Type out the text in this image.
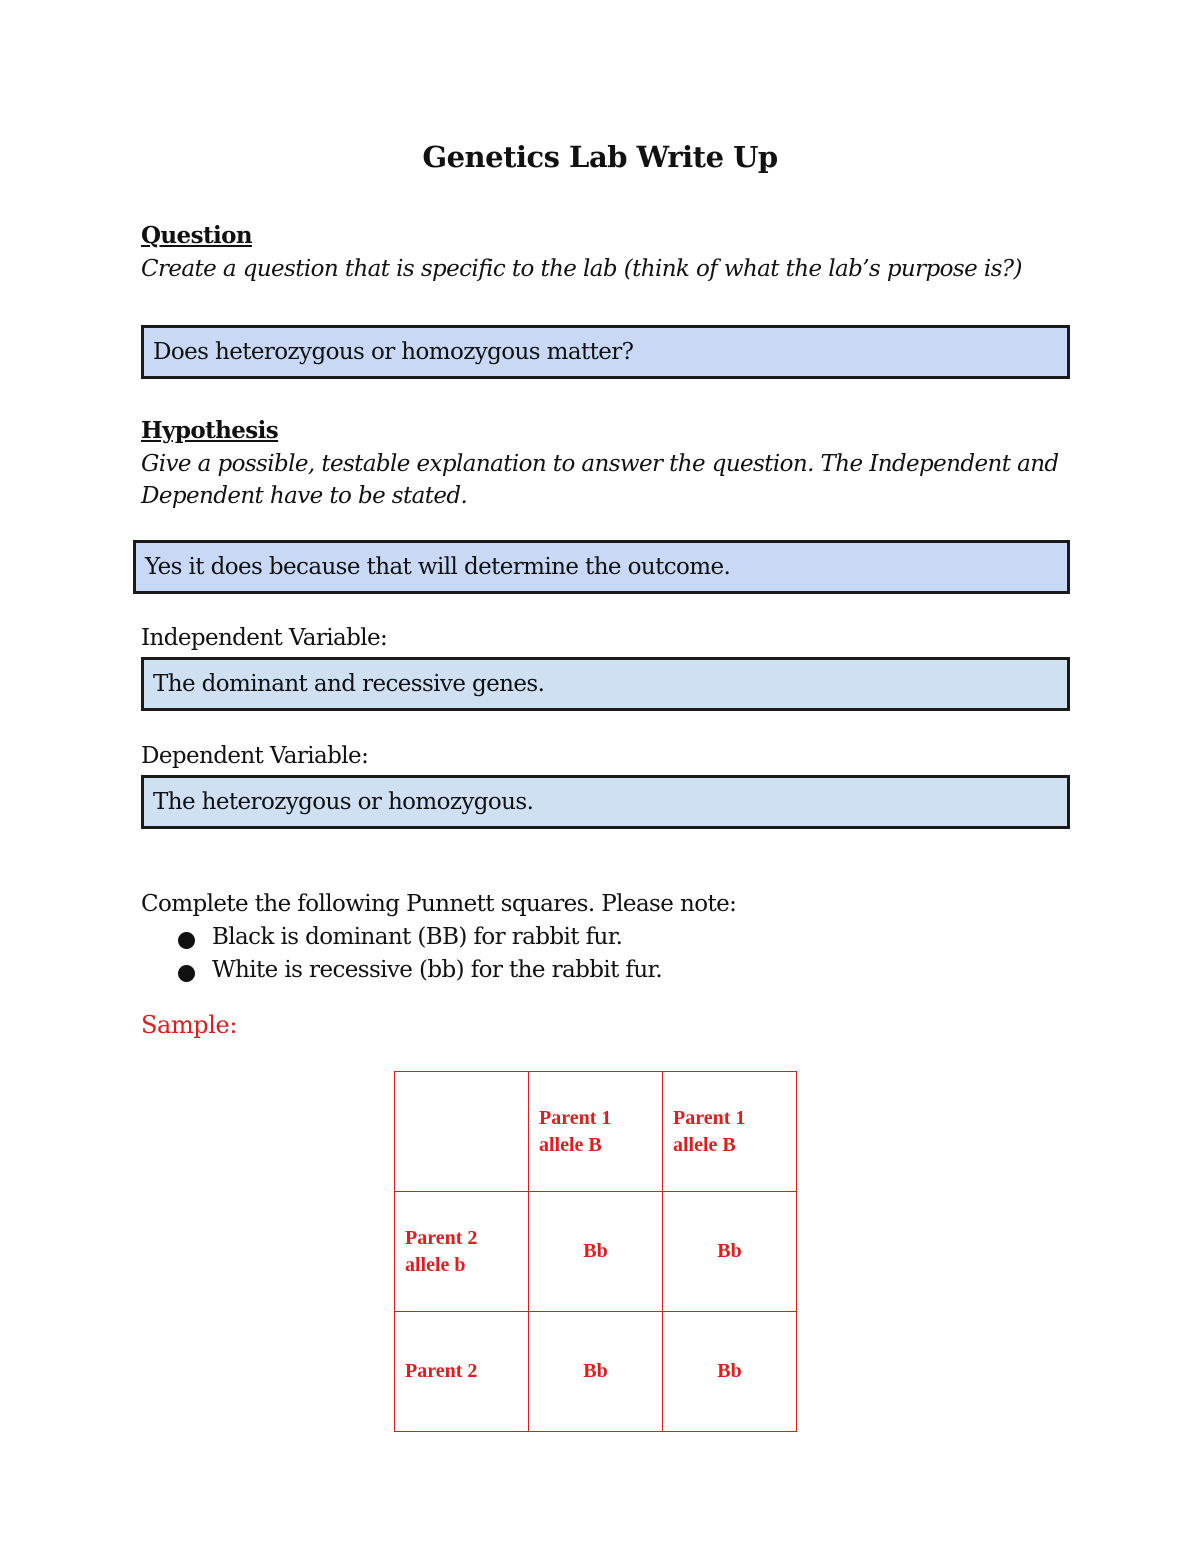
Genetics Lab Write Up
Question
Create a question that is specific to the lab (think of what the lab’s purpose is?)
Does heterozygous or homozygous matter?
Hypothesis
Give a possible, testable explanation to answer the question. The Independent and Dependent have to be stated.
Yes it does because that will determine the outcome.
Independent Variable:
The dominant and recessive genes.
Dependent Variable:
The heterozygous or homozygous.
Complete the following Punnett squares. Please note:
Black is dominant (BB) for rabbit fur.
White is recessive (bb) for the rabbit fur.
Sample:
	Parent 1 allele B	Parent 1 allele B
Parent 2 allele b	Bb	Bb
Parent 2	Bb	Bb
